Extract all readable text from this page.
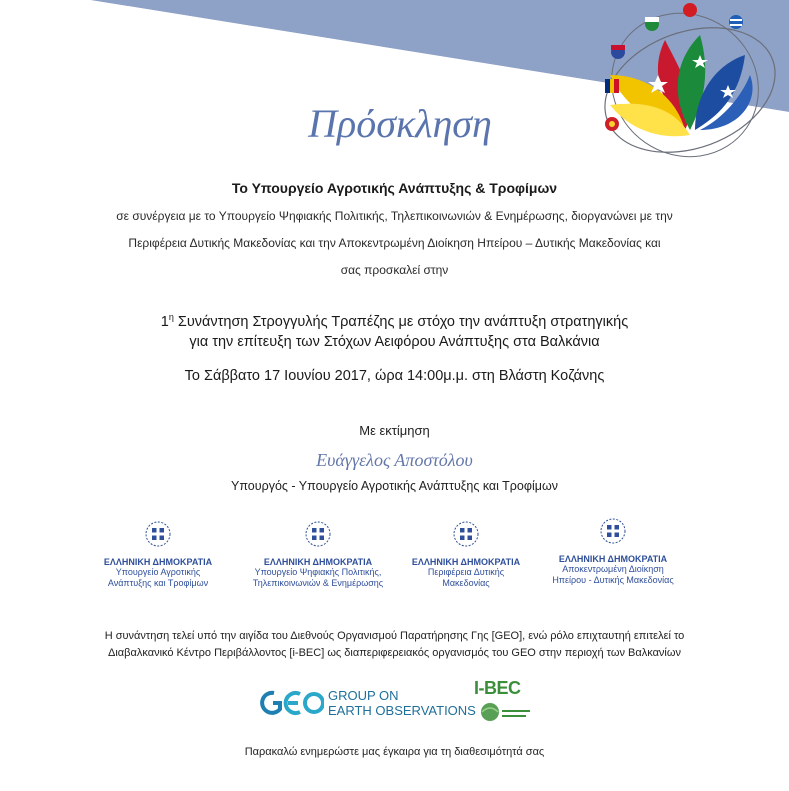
Πρόσκληση
Το Υπουργείο Αγροτικής Ανάπτυξης & Τροφίμων
σε συνέργεια με το Υπουργείο Ψηφιακής Πολιτικής, Τηλεπικοινωνιών & Ενημέρωσης, διοργανώνει με την
Περιφέρεια Δυτικής Μακεδονίας και την Αποκεντρωμένη Διοίκηση Ηπείρου – Δυτικής Μακεδονίας και
σας προσκαλεί στην
$1^\eta$ Συνάντηση Στρογγυλής Τραπέζης με στόχο την ανάπτυξη στρατηγικής
για την επίτευξη των Στόχων Αειφόρου Ανάπτυξης στα Βαλκάνια
Το Σάββατο 17 Ιουνίου 2017, ώρα 14:00μ.μ. στη Βλάστη Κοζάνης
Με εκτίμηση
Ευάγγελος Αποστόλου
Υπουργός - Υπουργείο Αγροτικής Ανάπτυξης και Τροφίμων
ΕΛΛΗΝΙΚΗ ΔΗΜΟΚΡΑΤΙΑ
Υπουργείο Αγροτικής
Ανάπτυξης και Τροφίμων
ΕΛΛΗΝΙΚΗ ΔΗΜΟΚΡΑΤΙΑ
Υπουργείο Ψηφιακής Πολιτικής,
Τηλεπικοινωνιών & Ενημέρωσης
ΕΛΛΗΝΙΚΗ ΔΗΜΟΚΡΑΤΙΑ
Περιφέρεια Δυτικής
Μακεδονίας
ΕΛΛΗΝΙΚΗ ΔΗΜΟΚΡΑΤΙΑ
Αποκεντρωμένη Διοίκηση
Ηπείρου - Δυτικής Μακεδονίας
Η συνάντηση τελεί υπό την αιγίδα του Διεθνούς Οργανισμού Παρατήρησης Γης [GEO], ενώ ρόλο επιχταυτηή επιτελεί το
Διαβαλκανικό Κέντρο Περιβάλλοντος [i-BEC] ως διαπεριφερειακός οργανισμός του GEO στην περιοχή των Βαλκανίων
GROUP ON
EARTH OBSERVATIONS
I-BEC
Παρακαλώ ενημερώστε μας έγκαιρα για τη διαθεσιμότητά σας
